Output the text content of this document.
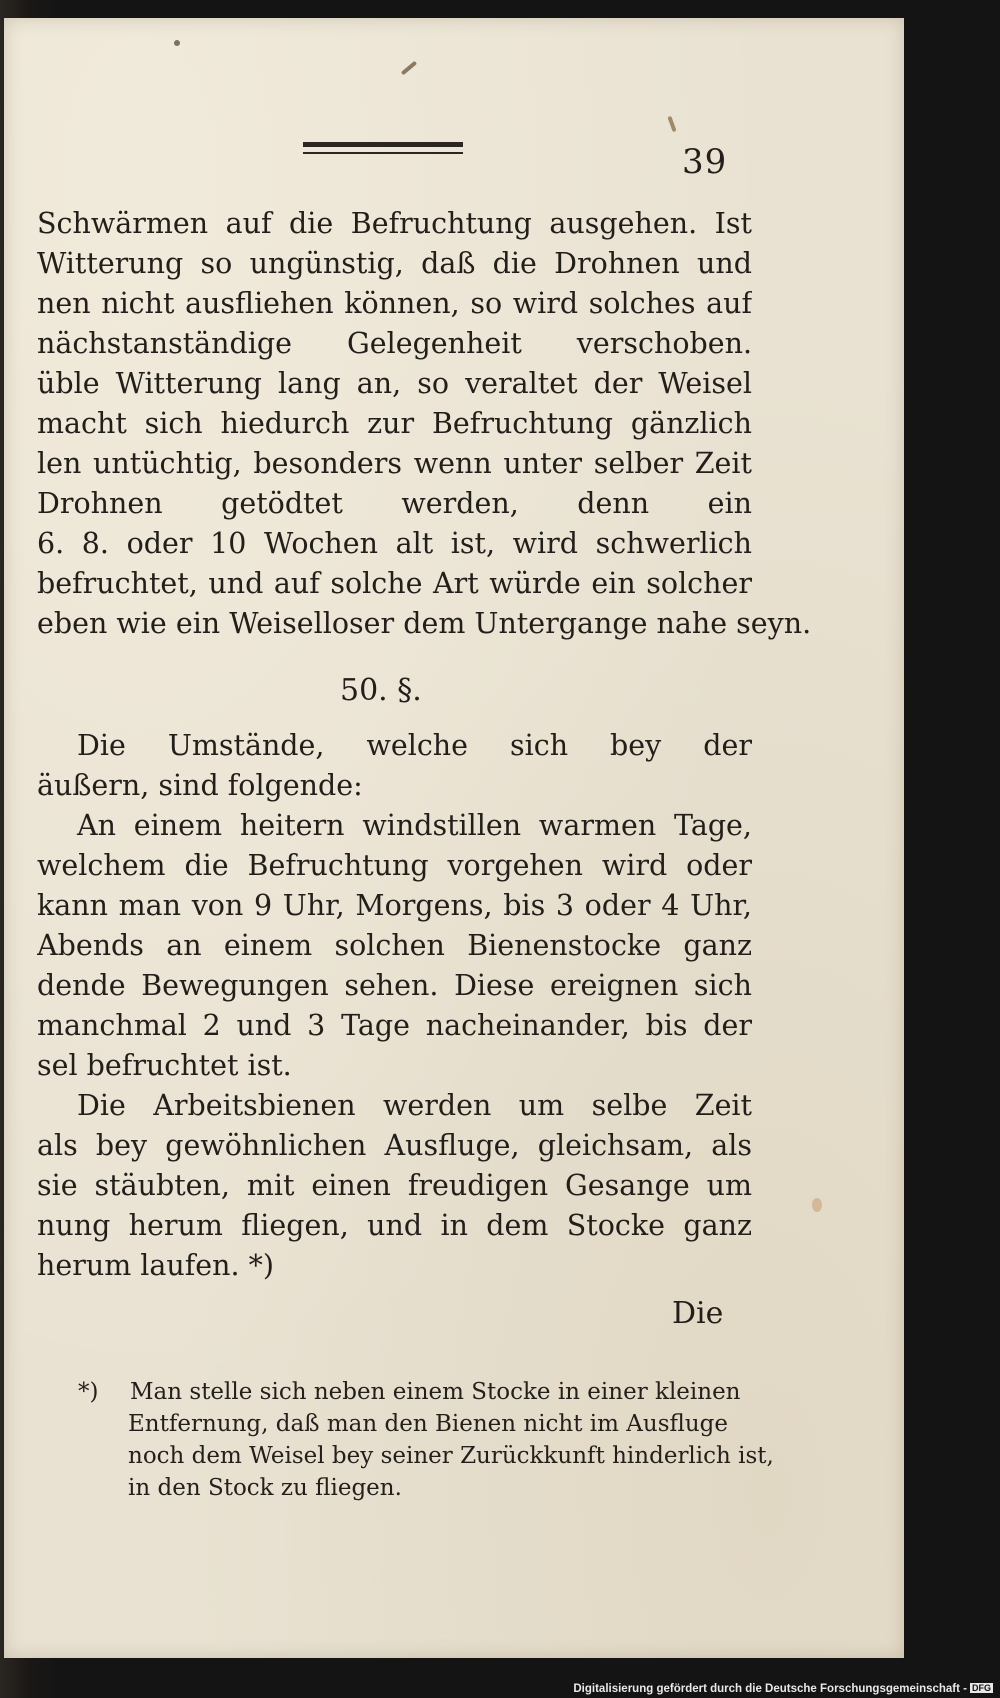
39
Schwärmen auf die Befruchtung ausgehen. Ist
Witterung so ungünstig, daß die Drohnen und
nen nicht ausfliehen können, so wird solches auf
nächstanständige Gelegenheit verschoben.
üble Witterung lang an, so veraltet der Weisel
macht sich hiedurch zur Befruchtung gänzlich
len untüchtig, besonders wenn unter selber Zeit
Drohnen getödtet werden, denn ein
6. 8. oder 10 Wochen alt ist, wird schwerlich
befruchtet, und auf solche Art würde ein solcher
eben wie ein Weiselloser dem Untergange nahe seyn.
50. §.
Die Umstände, welche sich bey der
äußern, sind folgende:
An einem heitern windstillen warmen Tage,
welchem die Befruchtung vorgehen wird oder
kann man von 9 Uhr, Morgens, bis 3 oder 4 Uhr,
Abends an einem solchen Bienenstocke ganz
dende Bewegungen sehen. Diese ereignen sich
manchmal 2 und 3 Tage nacheinander, bis der
sel befruchtet ist.
Die Arbeitsbienen werden um selbe Zeit
als bey gewöhnlichen Ausfluge, gleichsam, als
sie stäubten, mit einen freudigen Gesange um
nung herum fliegen, und in dem Stocke ganz
herum laufen. *)
Die
*)	Man stelle sich neben einem Stocke in einer kleinen
Entfernung, daß man den Bienen nicht im Ausfluge
noch dem Weisel bey seiner Zurückkunft hinderlich ist,
in den Stock zu fliegen.
Digitalisierung gefördert durch die Deutsche Forschungsgemeinschaft - DFG
